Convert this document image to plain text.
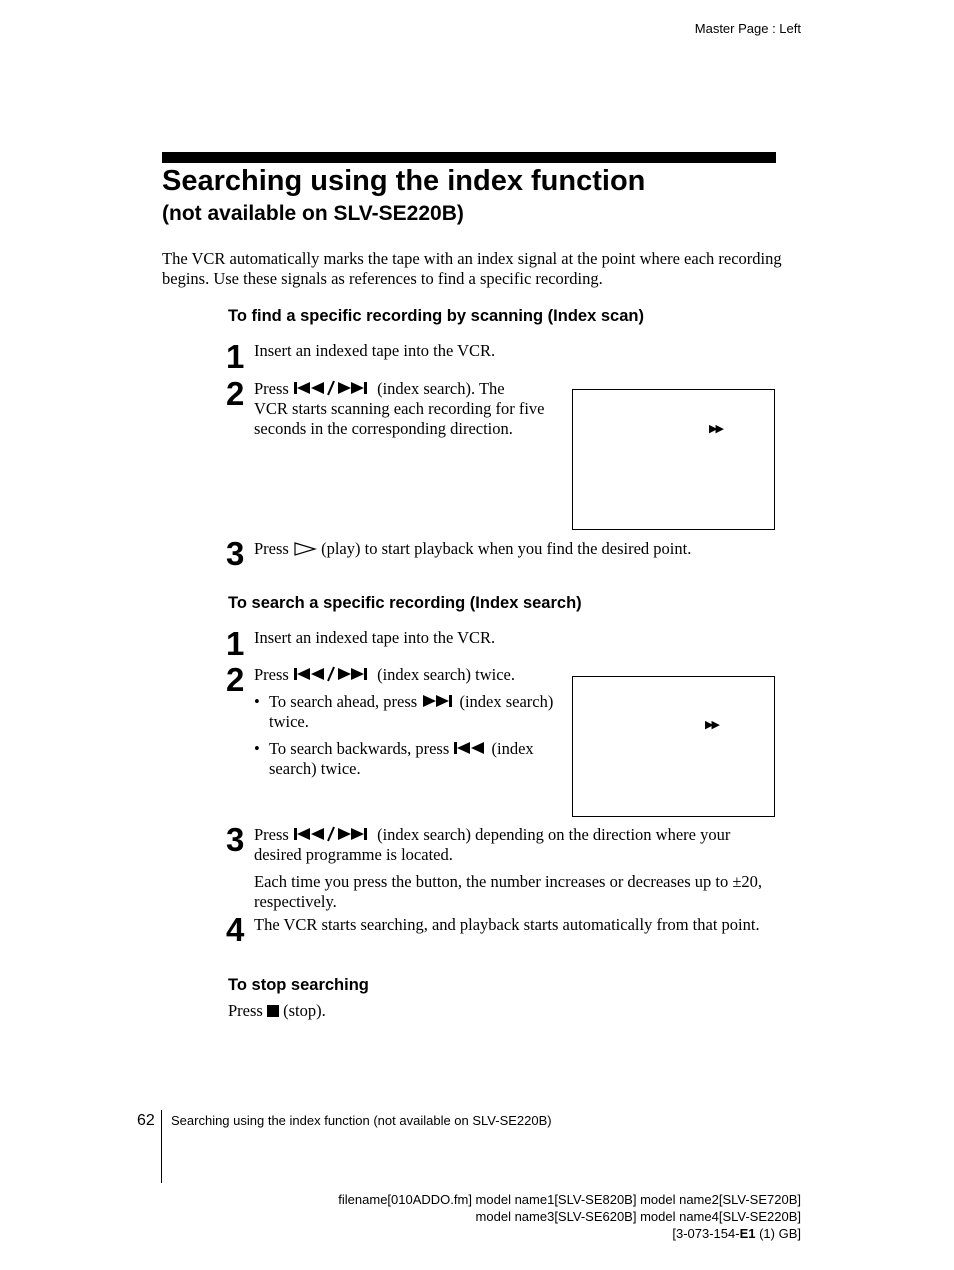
Master Page : Left
Searching using the index function
(not available on SLV-SE220B)
The VCR automatically marks the tape with an index signal at the point where each recording begins. Use these signals as references to find a specific recording.
To find a specific recording by scanning (Index scan)
1 Insert an indexed tape into the VCR.
2 Press	(index search). The
VCR starts scanning each recording for five seconds in the corresponding direction.	▶▶
3 Press (play) to start playback when you find the desired point.
To search a specific recording (Index search)
1 Insert an indexed tape into the VCR.
2 Press	(index search) twice.
• To search ahead, press	(index search) twice.
• To search backwards, press	(index search) twice.
▶▶
3 Press	(index search) depending on the direction where your desired programme is located.
Each time you press the button, the number increases or decreases up to ±20, respectively.
4 The VCR starts searching, and playback starts automatically from that point.
To stop searching
Press (stop).
62 Searching using the index function (not available on SLV-SE220B)
filename[010ADDO.fm] model name1[SLV-SE820B] model name2[SLV-SE720B]
model name3[SLV-SE620B] model name4[SLV-SE220B]
[3-073-154-E1 (1) GB]
